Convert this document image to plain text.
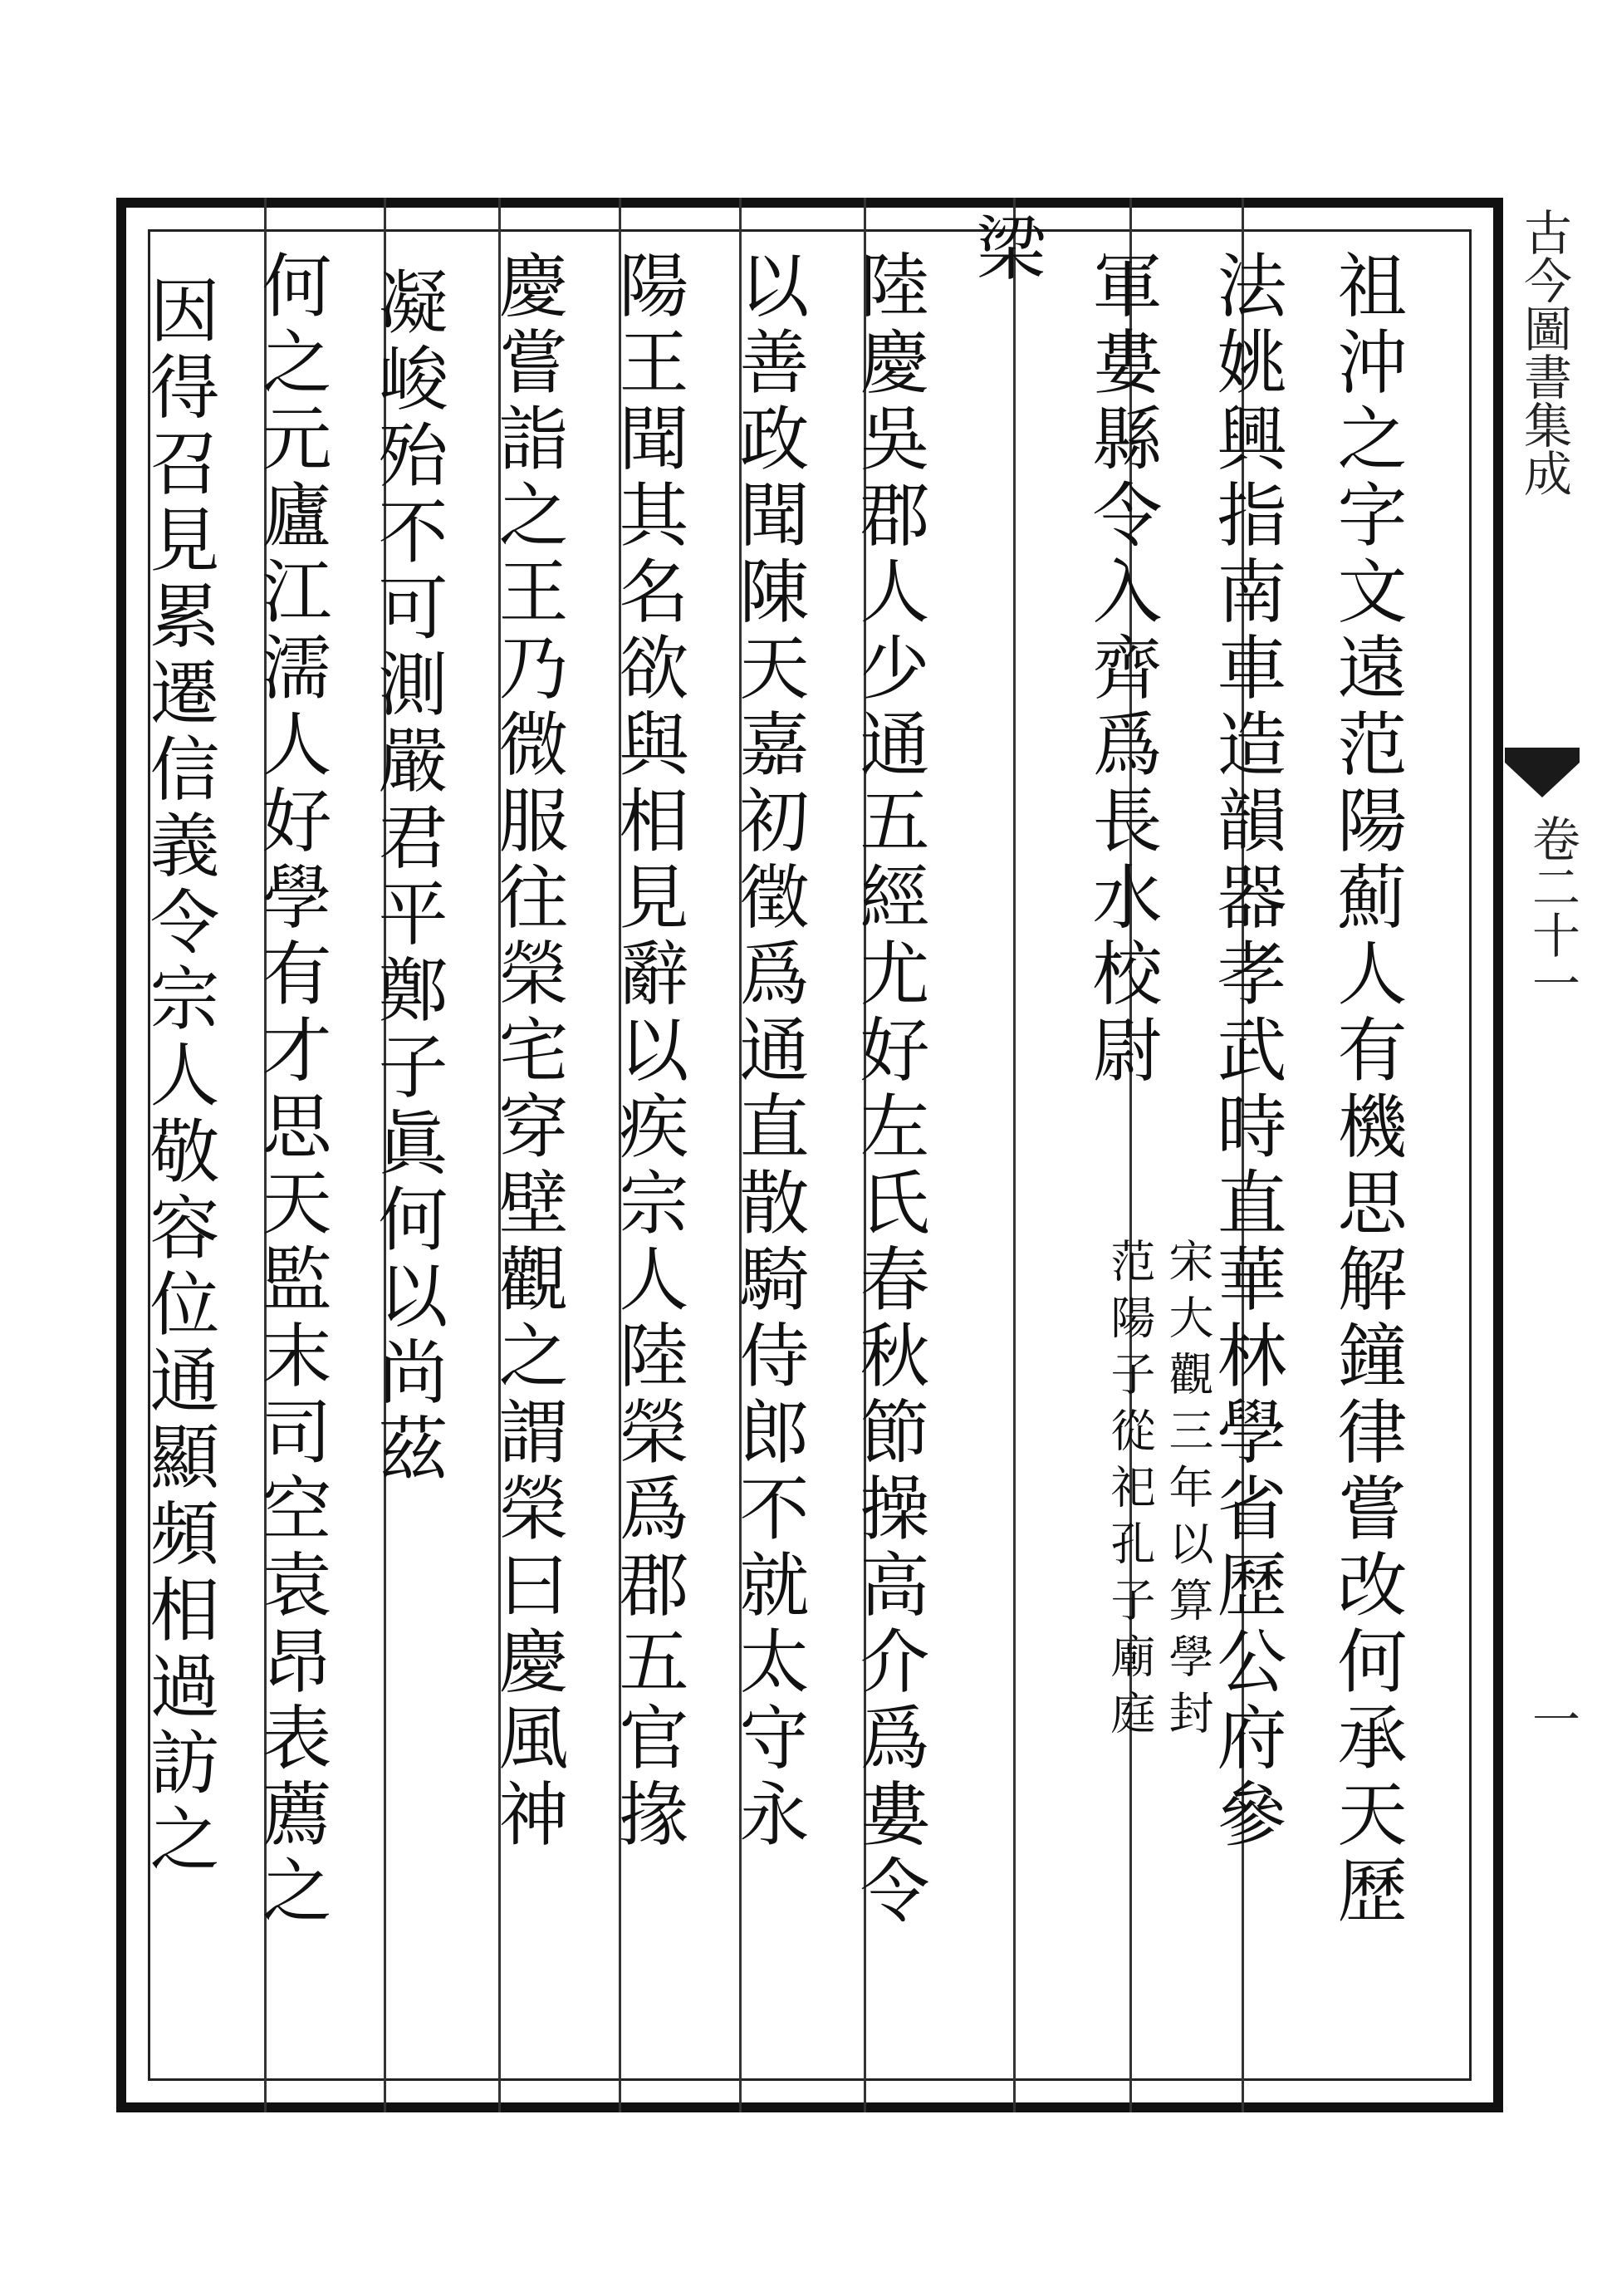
祖沖之字文遠范陽薊人有機思解鐘律嘗改何承天歷
法姚興指南車造韻器孝武時直華林學省歷公府參
軍婁縣令入齊爲長水校尉
宋大觀三年以算學封
范陽子從祀孔子廟庭
梁
陸慶吳郡人少通五經尤好左氏春秋節操高介爲婁令
以善政聞陳天嘉初徵爲通直散騎侍郎不就太守永
陽王聞其名欲與相見辭以疾宗人陸榮爲郡五官掾
慶嘗詣之王乃微服往榮宅穿壁觀之謂榮曰慶風神
凝峻殆不可測嚴君平鄭子眞何以尚茲
何之元廬江濡人好學有才思天監末司空袁昂表薦之
因得召見累遷信義令宗人敬容位通顯頻相過訪之	古今圖書集成
卷二十一
一
